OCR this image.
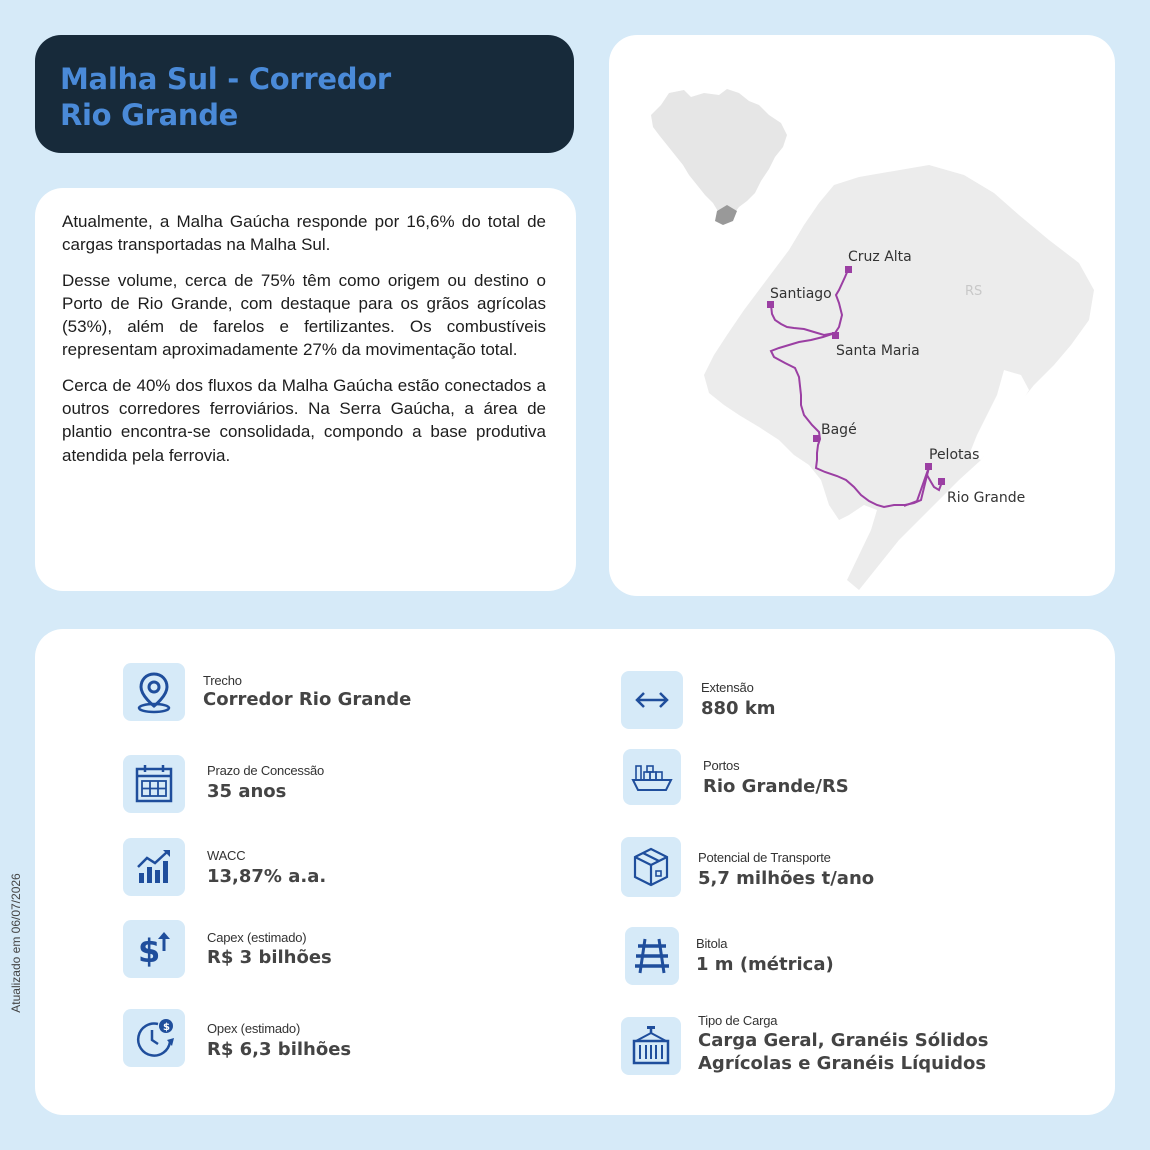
Malha Sul - Corredor
Rio Grande

Atualmente, a Malha Gaúcha responde por 16,6% do total de cargas transportadas na Malha Sul.

Desse volume, cerca de 75% têm como origem ou destino o Porto de Rio Grande, com destaque para os grãos agrícolas (53%), além de farelos e fertilizantes. Os combustíveis representam aproximadamente 27% da movimentação total.

Cerca de 40% dos fluxos da Malha Gaúcha estão conectados a outros corredores ferroviários. Na Serra Gaúcha, a área de plantio encontra-se consolidada, compondo a base produtiva atendida pela ferrovia.

RS
Cruz Alta
Santiago
Santa Maria
Bagé
Pelotas
Rio Grande
Trecho
Corredor Rio Grande
Prazo de Concessão
35 anos
WACC
13,87% a.a.
$	Capex (estimado)
R$ 3 bilhões
$	Opex (estimado)
R$ 6,3 bilhões
Extensão
880 km
Portos
Rio Grande/RS
Potencial de Transporte
5,7 milhões t/ano
Bitola
1 m (métrica)
Tipo de Carga
Carga Geral, Granéis Sólidos
Agrícolas e Granéis Líquidos
Atualizado em 06/07/2026
